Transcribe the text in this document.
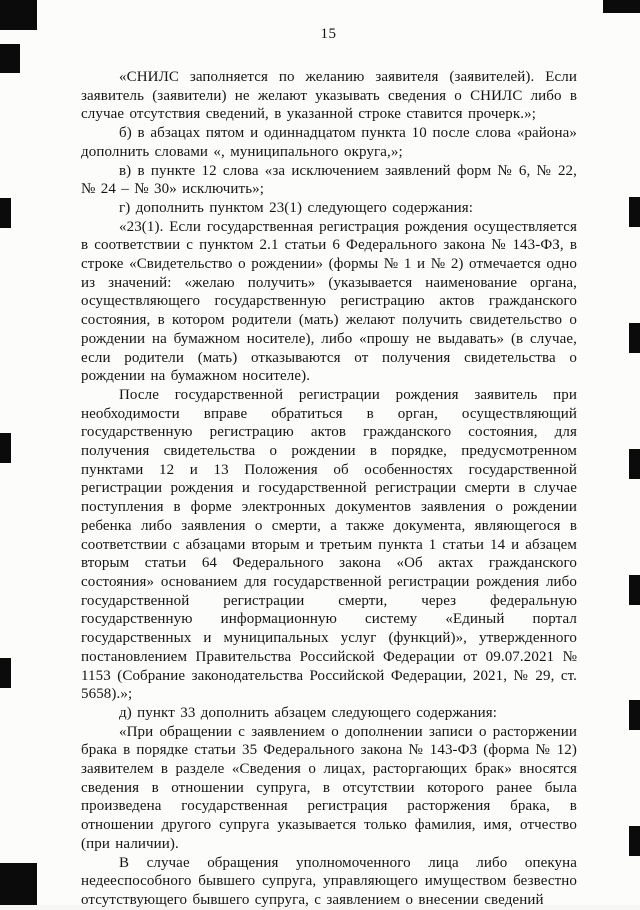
15

«СНИЛС заполняется по желанию заявителя (заявителей). Если заявитель (заявители) не желают указывать сведения о СНИЛС либо в случае отсутствия сведений, в указанной строке ставится прочерк.»;

б) в абзацах пятом и одиннадцатом пункта 10 после слова «района» дополнить словами «, муниципального округа,»;

в) в пункте 12 слова «за исключением заявлений форм № 6, № 22, № 24 – № 30» исключить»;

г) дополнить пунктом 23(1) следующего содержания:

«23(1). Если государственная регистрация рождения осуществляется в соответствии с пунктом 2.1 статьи 6 Федерального закона № 143-ФЗ, в строке «Свидетельство о рождении» (формы № 1 и № 2) отмечается одно из значений: «желаю получить» (указывается наименование органа, осуществляющего государственную регистрацию актов гражданского состояния, в котором родители (мать) желают получить свидетельство о рождении на бумажном носителе), либо «прошу не выдавать» (в случае, если родители (мать) отказываются от получения свидетельства о рождении на бумажном носителе).

После государственной регистрации рождения заявитель при необходимости вправе обратиться в орган, осуществляющий государственную регистрацию актов гражданского состояния, для получения свидетельства о рождении в порядке, предусмотренном пунктами 12 и 13 Положения об особенностях государственной регистрации рождения и государственной регистрации смерти в случае поступления в форме электронных документов заявления о рождении ребенка либо заявления о смерти, а также документа, являющегося в соответствии с абзацами вторым и третьим пункта 1 статьи 14 и абзацем вторым статьи 64 Федерального закона «Об актах гражданского состояния» основанием для государственной регистрации рождения либо государственной регистрации смерти, через федеральную государственную информационную систему «Единый портал государственных и муниципальных услуг (функций)», утвержденного постановлением Правительства Российской Федерации от 09.07.2021 № 1153 (Собрание законодательства Российской Федерации, 2021, № 29, ст. 5658).»;

д) пункт 33 дополнить абзацем следующего содержания:

«При обращении с заявлением о дополнении записи о расторжении брака в порядке статьи 35 Федерального закона № 143-ФЗ (форма № 12) заявителем в разделе «Сведения о лицах, расторгающих брак» вносятся сведения в отношении супруга, в отсутствии которого ранее была произведена государственная регистрация расторжения брака, в отношении другого супруга указывается только фамилия, имя, отчество (при наличии).

В случае обращения уполномоченного лица либо опекуна недееспособного бывшего супруга, управляющего имуществом безвестно отсутствующего бывшего супруга, с заявлением о внесении сведений
